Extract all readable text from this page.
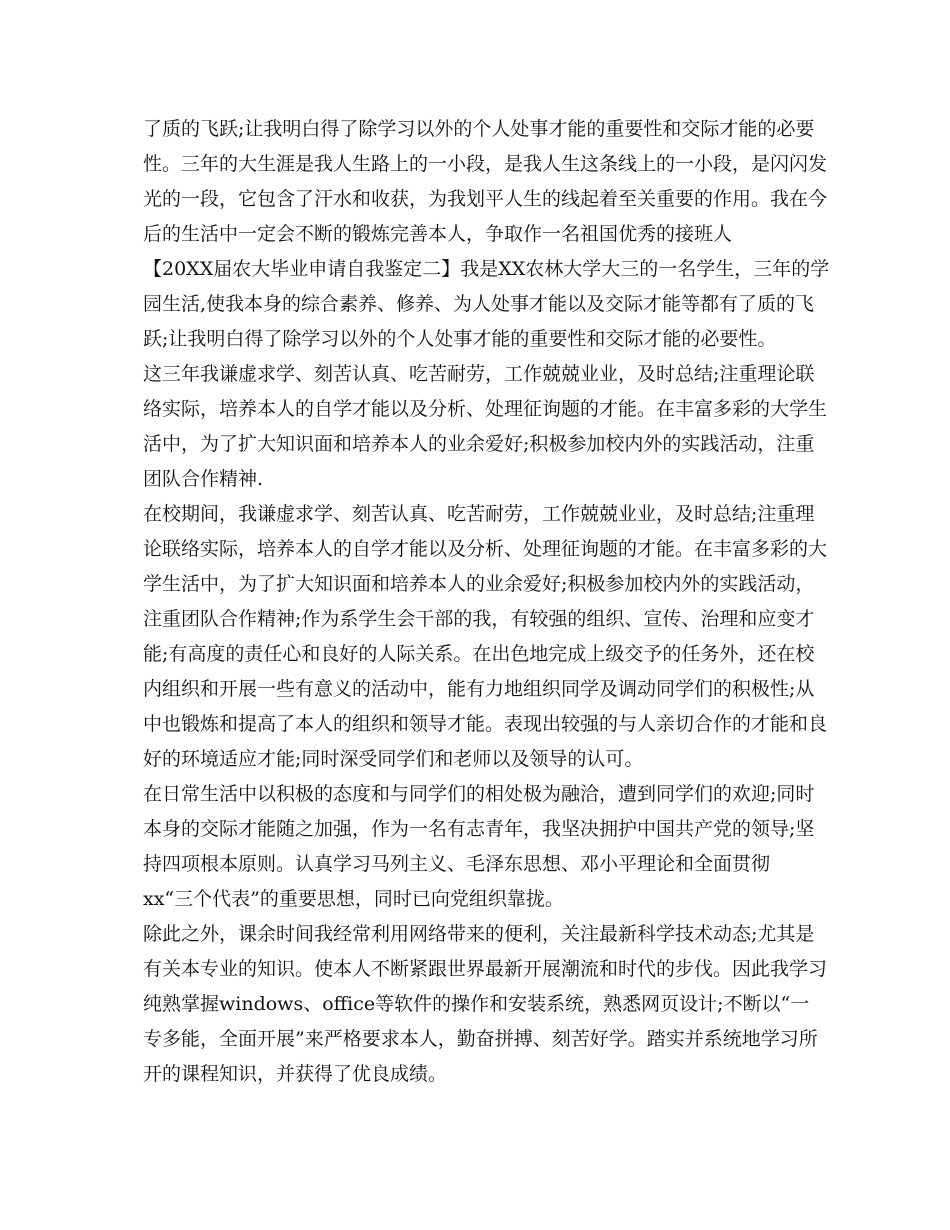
了质的飞跃;让我明白得了除学习以外的个人处事才能的重要性和交际才能的必要
性。三年的大生涯是我人生路上的一小段，是我人生这条线上的一小段，是闪闪发
光的一段，它包含了汗水和收获，为我划平人生的线起着至关重要的作用。我在今
后的生活中一定会不断的锻炼完善本人，争取作一名祖国优秀的接班人
【20XX届农大毕业申请自我鉴定二】我是XX农林大学大三的一名学生，三年的学
园生活,使我本身的综合素养、修养、为人处事才能以及交际才能等都有了质的飞
跃;让我明白得了除学习以外的个人处事才能的重要性和交际才能的必要性。
这三年我谦虚求学、刻苦认真、吃苦耐劳，工作兢兢业业，及时总结;注重理论联
络实际，培养本人的自学才能以及分析、处理征询题的才能。在丰富多彩的大学生
活中，为了扩大知识面和培养本人的业余爱好;积极参加校内外的实践活动，注重
团队合作精神.
在校期间，我谦虚求学、刻苦认真、吃苦耐劳，工作兢兢业业，及时总结;注重理
论联络实际，培养本人的自学才能以及分析、处理征询题的才能。在丰富多彩的大
学生活中，为了扩大知识面和培养本人的业余爱好;积极参加校内外的实践活动，
注重团队合作精神;作为系学生会干部的我，有较强的组织、宣传、治理和应变才
能;有高度的责任心和良好的人际关系。在出色地完成上级交予的任务外，还在校
内组织和开展一些有意义的活动中，能有力地组织同学及调动同学们的积极性;从
中也锻炼和提高了本人的组织和领导才能。表现出较强的与人亲切合作的才能和良
好的环境适应才能;同时深受同学们和老师以及领导的认可。
在日常生活中以积极的态度和与同学们的相处极为融洽，遭到同学们的欢迎;同时
本身的交际才能随之加强，作为一名有志青年，我坚决拥护中国共产党的领导;坚
持四项根本原则。认真学习马列主义、毛泽东思想、邓小平理论和全面贯彻
xx“三个代表”的重要思想，同时已向党组织靠拢。
除此之外，课余时间我经常利用网络带来的便利，关注最新科学技术动态;尤其是
有关本专业的知识。使本人不断紧跟世界最新开展潮流和时代的步伐。因此我学习
纯熟掌握windows、office等软件的操作和安装系统，熟悉网页设计;不断以“一
专多能，全面开展”来严格要求本人，勤奋拼搏、刻苦好学。踏实并系统地学习所
开的课程知识，并获得了优良成绩。
